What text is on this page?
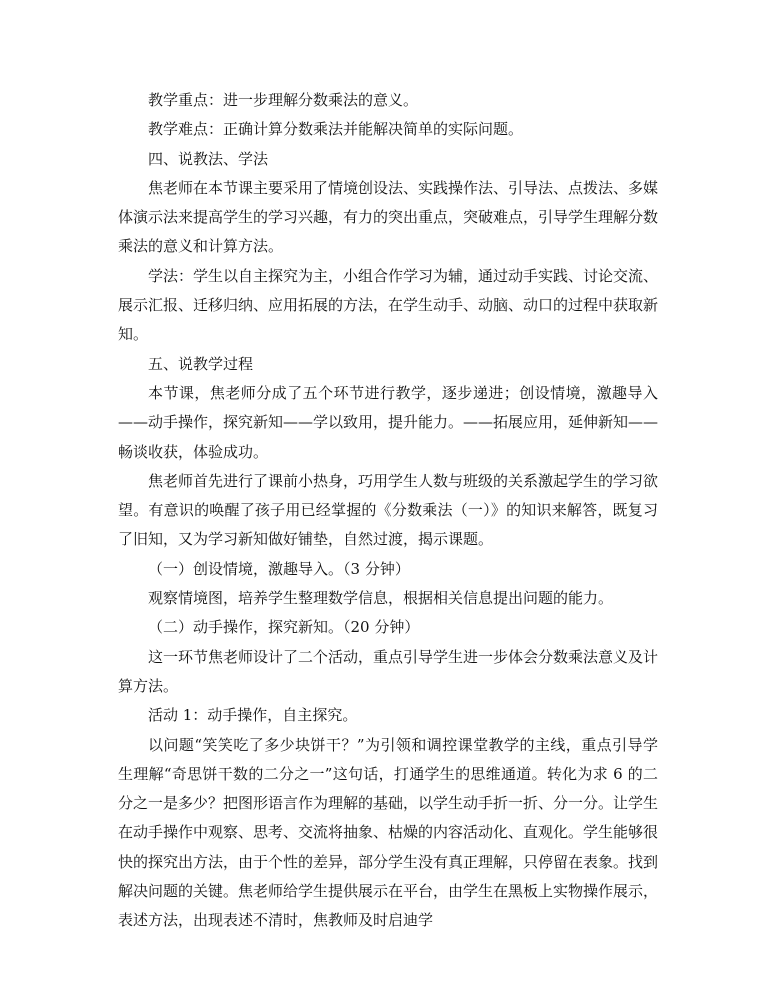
教学重点：进一步理解分数乘法的意义。

教学难点：正确计算分数乘法并能解决简单的实际问题。

四、说教法、学法

焦老师在本节课主要采用了情境创设法、实践操作法、引导法、点拨法、多媒体演示法来提高学生的学习兴趣，有力的突出重点，突破难点，引导学生理解分数乘法的意义和计算方法。

学法：学生以自主探究为主，小组合作学习为辅，通过动手实践、讨论交流、展示汇报、迁移归纳、应用拓展的方法，在学生动手、动脑、动口的过程中获取新知。

五、说教学过程

本节课，焦老师分成了五个环节进行教学，逐步递进；创设情境，激趣导入——动手操作，探究新知——学以致用，提升能力。——拓展应用，延伸新知——畅谈收获，体验成功。

焦老师首先进行了课前小热身，巧用学生人数与班级的关系激起学生的学习欲望。有意识的唤醒了孩子用已经掌握的《分数乘法（一）》的知识来解答，既复习了旧知，又为学习新知做好铺垫，自然过渡，揭示课题。

（一）创设情境，激趣导入。（3 分钟）

观察情境图，培养学生整理数学信息，根据相关信息提出问题的能力。

（二）动手操作，探究新知。（20 分钟）

这一环节焦老师设计了二个活动，重点引导学生进一步体会分数乘法意义及计算方法。

活动 1：动手操作，自主探究。

以问题“笑笑吃了多少块饼干？”为引领和调控课堂教学的主线，重点引导学生理解“奇思饼干数的二分之一”这句话，打通学生的思维通道。转化为求 6 的二分之一是多少？把图形语言作为理解的基础，以学生动手折一折、分一分。让学生在动手操作中观察、思考、交流将抽象、枯燥的内容活动化、直观化。学生能够很快的探究出方法，由于个性的差异，部分学生没有真正理解，只停留在表象。找到解决问题的关键。焦老师给学生提供展示在平台，由学生在黑板上实物操作展示，表述方法，出现表述不清时，焦教师及时启迪学
